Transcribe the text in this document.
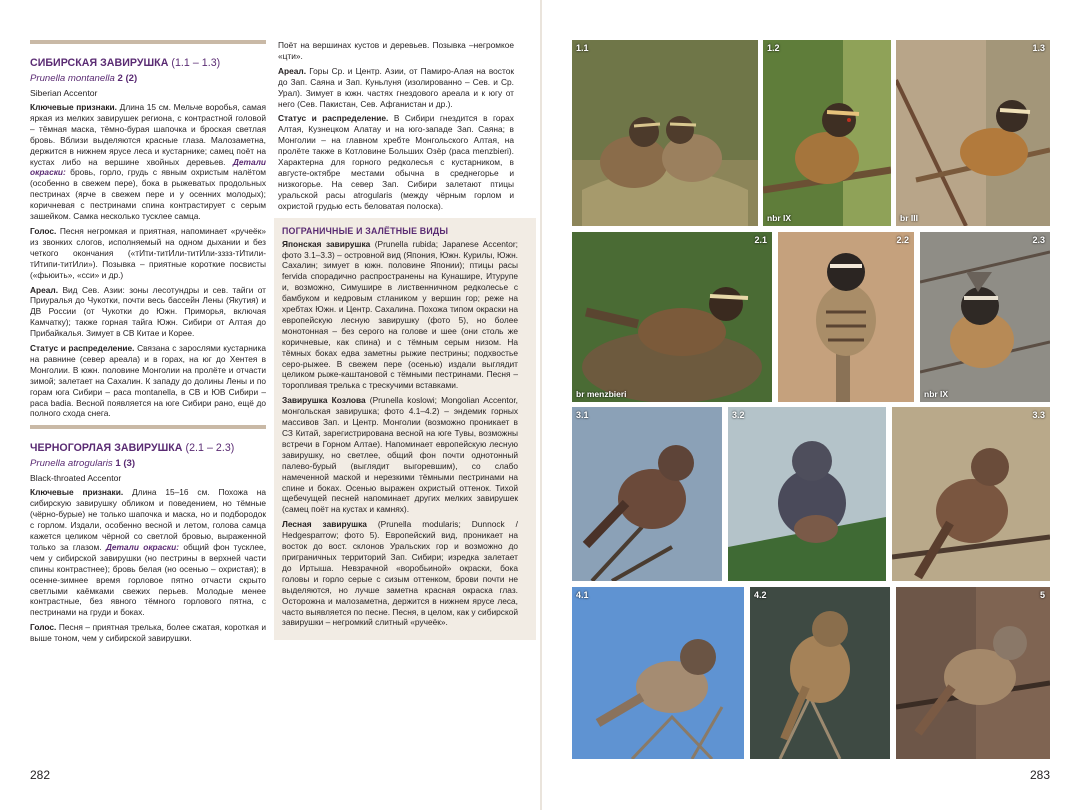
СИБИРСКАЯ ЗАВИРУШКА (1.1 – 1.3)
Prunella montanella 2 (2)
Siberian Accentor

Ключевые признаки. Длина 15 см. Мельче воробья, самая яркая из мелких завирушек региона, с контрастной головой – тёмная маска, тёмно-бурая шапочка и броская светлая бровь. Вблизи выделяются красные глаза. Малозаметна, держится в нижнем ярусе леса и кустарнике; самец поёт на кустах либо на вершине хвойных деревьев. Детали окраски: бровь, горло, грудь с явным охристым налётом (особенно в свежем пере), бока в рыжеватых продольных пестринах (ярче в свежем пере и у осенних молодых); коричневая с пестринами спина контрастирует с серым зашейком. Самка несколько тусклее самца.

Голос. Песня негромкая и приятная, напоминает «ручеёк» из звонких слогов, исполняемый на одном дыхании и без четкого окончания («тИти-титИли-титИли-зззз-тИтили-тИтипи-титИли»). Позывка – приятные короткие посвисты («фьюить», «сси» и др.)

Ареал. Вид Сев. Азии: зоны лесотундры и сев. тайги от Приуралья до Чукотки, почти весь бассейн Лены (Якутия) и ДВ России (от Чукотки до Южн. Приморья, включая Камчатку); также горная тайга Южн. Сибири от Алтая до Прибайкалья. Зимует в СВ Китае и Корее.

Статус и распределение. Связана с зарослями кустарника на равнине (север ареала) и в горах, на юг до Хентея в Монголии. В южн. половине Монголии на пролёте и отчасти зимой; залетает на Сахалин. К западу до долины Лены и по горам юга Сибири – раса montanella, в СВ и ЮВ Сибири – раса badia. Весной появляется на юге Сибири рано, ещё до полного схода снега.

ЧЕРНОГОРЛАЯ ЗАВИРУШКА (2.1 – 2.3)
Prunella atrogularis 1 (3)
Black-throated Accentor

Ключевые признаки. Длина 15–16 см. Похожа на сибирскую завирушку обликом и поведением, но тёмные (чёрно-бурые) не только шапочка и маска, но и подбородок с горлом. Издали, особенно весной и летом, голова самца кажется целиком чёрной со светлой бровью, выраженной только за глазом. Детали окраски: общий фон тусклее, чем у сибирской завирушки (но пестрины в верхней части спины контрастнее); бровь белая (но осенью – охристая); в осенне-зимнее время горловое пятно отчасти скрыто светлыми каёмками свежих перьев. Молодые менее контрастные, без явного тёмного горлового пятна, с пестринами на груди и боках.

Голос. Песня – приятная трелька, более сжатая, короткая и выше тоном, чем у сибирской завирушки.

Поёт на вершинах кустов и деревьев. Позывка –негромкое «цти».

Ареал. Горы Ср. и Центр. Азии, от Памиро-Алая на восток до Зап. Саяна и Зап. Куньлуня (изолированно – Сев. и Ср. Урал). Зимует в южн. частях гнездового ареала и к югу от него (Сев. Пакистан, Сев. Афганистан и др.).

Статус и распределение. В Сибири гнездится в горах Алтая, Кузнецком Алатау и на юго-западе Зап. Саяна; в Монголии – на главном хребте Монгольского Алтая, на пролёте также в Котловине Больших Озёр (раса menzbieri). Характерна для горного редколесья с кустарником, в августе-октябре местами обычна в среднегорье и низкогорье. На север Зап. Сибири залетают птицы уральской расы atrogularis (между чёрным горлом и охристой грудью есть беловатая полоска).

ПОГРАНИЧНЫЕ И ЗАЛЁТНЫЕ ВИДЫ

Японская завирушка (Prunella rubida; Japanese Accentor; фото 3.1–3.3) – островной вид (Япония, Южн. Курилы, Южн. Сахалин; зимует в южн. половине Японии); птицы расы fervida спорадично распространены на Кунашире, Итурупе и, возможно, Симушире в лиственничном редколесье с бамбуком и кедровым стлаником у вершин гор; реже на хребтах Южн. и Центр. Сахалина. Похожа типом окраски на европейскую лесную завирушку (фото 5), но более монотонная – без серого на голове и шее (они столь же коричневые, как спина) и с тёмным серым низом. На тёмных боках едва заметны рыжие пестрины; подхвостье серо-рыжее. В свежем пере (осенью) издали выглядит целиком рыже-каштановой с тёмными пестринами. Песня – торопливая трелька с трескучими вставками.

Завирушка Козлова (Prunella koslowi; Mongolian Accentor, монгольская завирушка; фото 4.1–4.2) – эндемик горных массивов Зап. и Центр. Монголии (возможно проникает в СЗ Китай, зарегистрирована весной на юге Тувы, возможны встречи в Горном Алтае). Напоминает европейскую лесную завирушку, но светлее, общий фон почти однотонный палево-бурый (выглядит выгоревшим), со слабо намеченной маской и нерезкими тёмными пестринами на спине и боках. Осенью выражен охристый оттенок. Тихой щебечущей песней напоминает других мелких завирушек (самец поёт на кустах и камнях).

Лесная завирушка (Prunella modularis; Dunnock / Hedgesparrow; фото 5). Европейский вид, проникает на восток до вост. склонов Уральских гор и возможно до приграничных территорий Зап. Сибири; изредка залетает до Иртыша. Невзрачной «воробьиной» окраски, бока головы и горло серые с сизым оттенком, брови почти не выделяются, но лучше заметна красная окраска глаз. Осторожна и малозаметна, держится в нижнем ярусе леса, часто выявляется по песне. Песня, в целом, как у сибирской завирушки – негромкий слитный «ручеёк».

282
1.1	1.2
nbr IX
1.3
br III
2.1
br menzbieri
2.2	2.3
nbr IX
3.1	3.2	3.3
4.1	4.2	5
283
